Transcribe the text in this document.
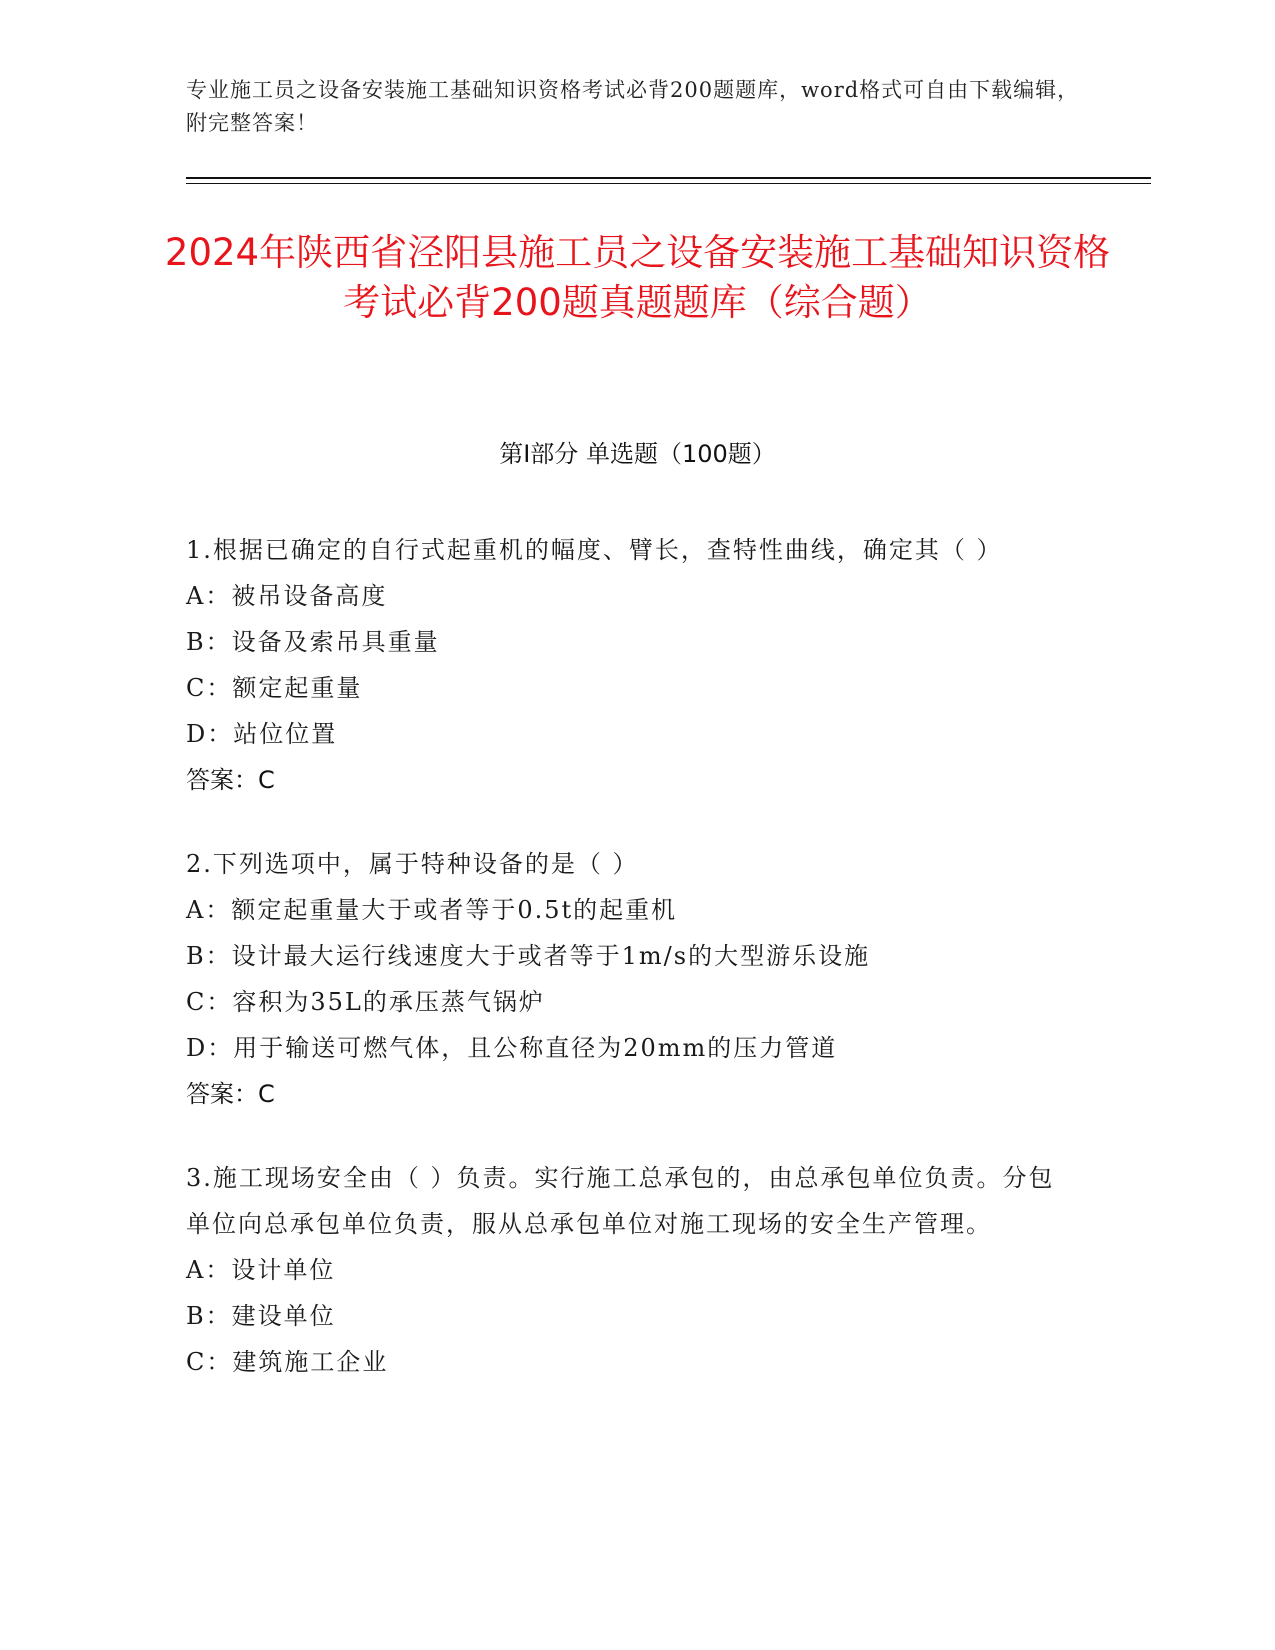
专业施工员之设备安装施工基础知识资格考试必背200题题库，word格式可自由下载编辑，附完整答案！
2024年陕西省泾阳县施工员之设备安装施工基础知识资格考试必背200题真题题库（综合题）
第I部分 单选题（100题）

1.根据已确定的自行式起重机的幅度、臂长，查特性曲线，确定其（ ）

A：被吊设备高度

B：设备及索吊具重量

C：额定起重量

D：站位位置

答案：C

2.下列选项中，属于特种设备的是（ ）

A：额定起重量大于或者等于0.5t的起重机

B：设计最大运行线速度大于或者等于1m/s的大型游乐设施

C：容积为35L的承压蒸气锅炉

D：用于输送可燃气体，且公称直径为20mm的压力管道

答案：C

3.施工现场安全由（ ）负责。实行施工总承包的，由总承包单位负责。分包单位向总承包单位负责，服从总承包单位对施工现场的安全生产管理。

A：设计单位

B：建设单位

C：建筑施工企业
